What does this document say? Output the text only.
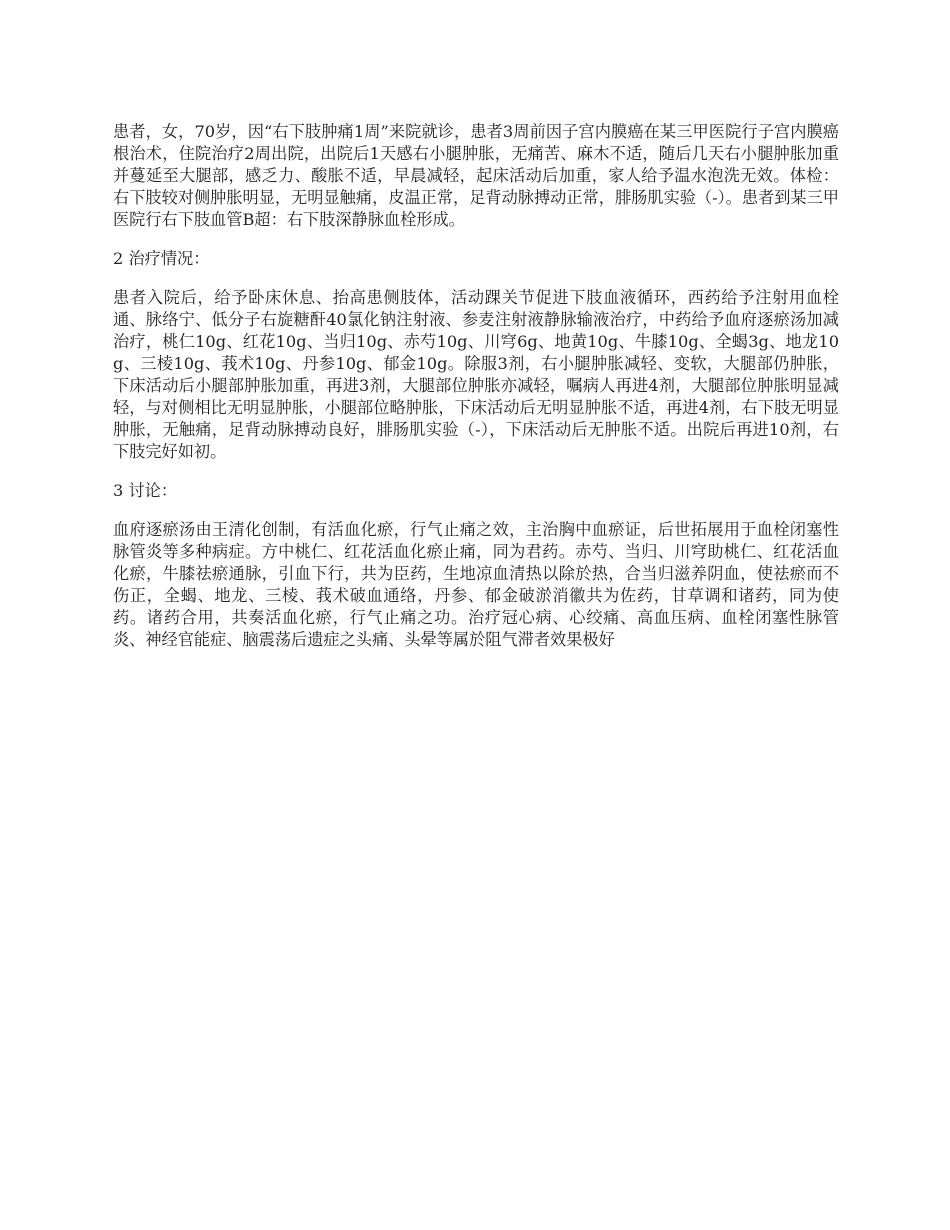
患者，女，70岁，因“右下肢肿痛1周”来院就诊，患者3周前因子宫内膜癌在某三甲医院行子宫内膜癌根治术，住院治疗2周出院，出院后1天感右小腿肿胀，无痛苦、麻木不适，随后几天右小腿肿胀加重并蔓延至大腿部，感乏力、酸胀不适，早晨减轻，起床活动后加重，家人给予温水泡洗无效。体检：右下肢较对侧肿胀明显，无明显触痛，皮温正常，足背动脉搏动正常，腓肠肌实验（-）。患者到某三甲医院行右下肢血管B超：右下肢深静脉血栓形成。

2 治疗情况：

患者入院后，给予卧床休息、抬高患侧肢体，活动踝关节促进下肢血液循环，西药给予注射用血栓通、脉络宁、低分子右旋糖酐40氯化钠注射液、参麦注射液静脉输液治疗，中药给予血府逐瘀汤加减治疗，桃仁10g、红花10g、当归10g、赤芍10g、川穹6g、地黄10g、牛膝10g、全蝎3g、地龙10g、三棱10g、莪术10g、丹参10g、郁金10g。除服3剂，右小腿肿胀减轻、变软，大腿部仍肿胀，下床活动后小腿部肿胀加重，再进3剂，大腿部位肿胀亦减轻，嘱病人再进4剂，大腿部位肿胀明显减轻，与对侧相比无明显肿胀，小腿部位略肿胀，下床活动后无明显肿胀不适，再进4剂，右下肢无明显肿胀，无触痛，足背动脉搏动良好，腓肠肌实验（-），下床活动后无肿胀不适。出院后再进10剂，右下肢完好如初。

3 讨论：

血府逐瘀汤由王清化创制，有活血化瘀，行气止痛之效，主治胸中血瘀证，后世拓展用于血栓闭塞性脉管炎等多种病症。方中桃仁、红花活血化瘀止痛，同为君药。赤芍、当归、川穹助桃仁、红花活血化瘀，牛膝祛瘀通脉，引血下行，共为臣药，生地凉血清热以除於热，合当归滋养阴血，使祛瘀而不伤正，全蝎、地龙、三棱、莪术破血通络，丹参、郁金破淤消徽共为佐药，甘草调和诸药，同为使药。诸药合用，共奏活血化瘀，行气止痛之功。治疗冠心病、心绞痛、高血压病、血栓闭塞性脉管炎、神经官能症、脑震荡后遗症之头痛、头晕等属於阻气滞者效果极好
